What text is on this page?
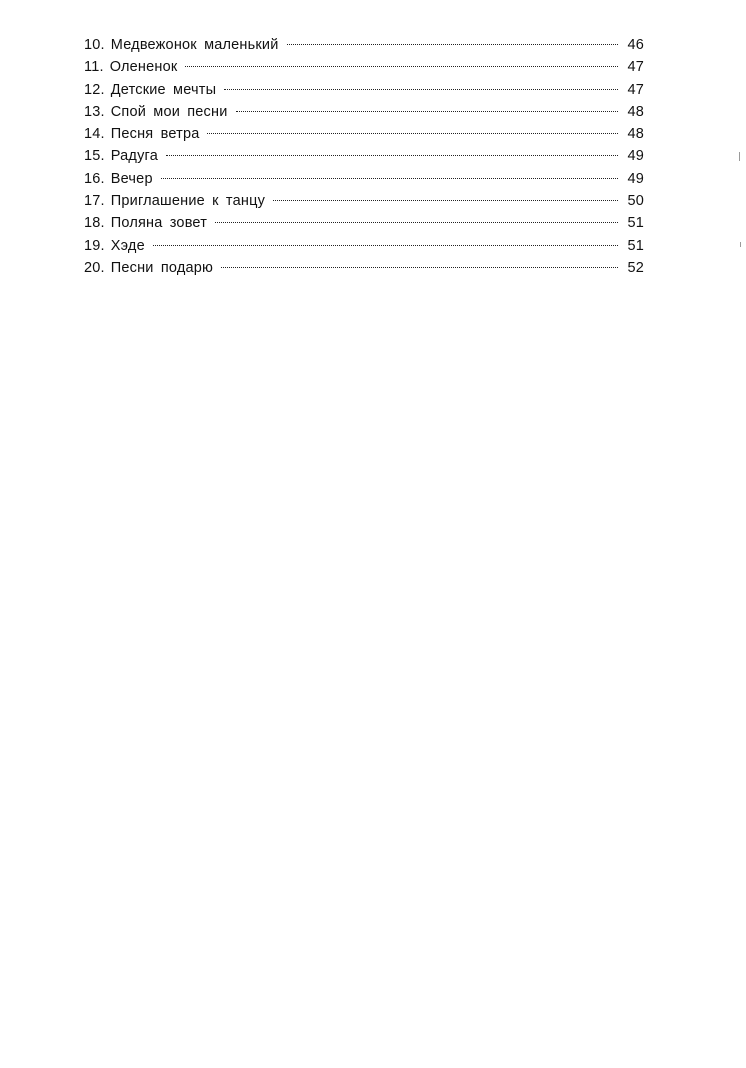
10. Медвежонок маленький	46
11. Олененок	47
12. Детские мечты	47
13. Спой мои песни	48
14. Песня ветра	48
15. Радуга	49
16. Вечер	49
17. Приглашение к танцу	50
18. Поляна зовет	51
19. Хэде	51
20. Песни подарю	52
